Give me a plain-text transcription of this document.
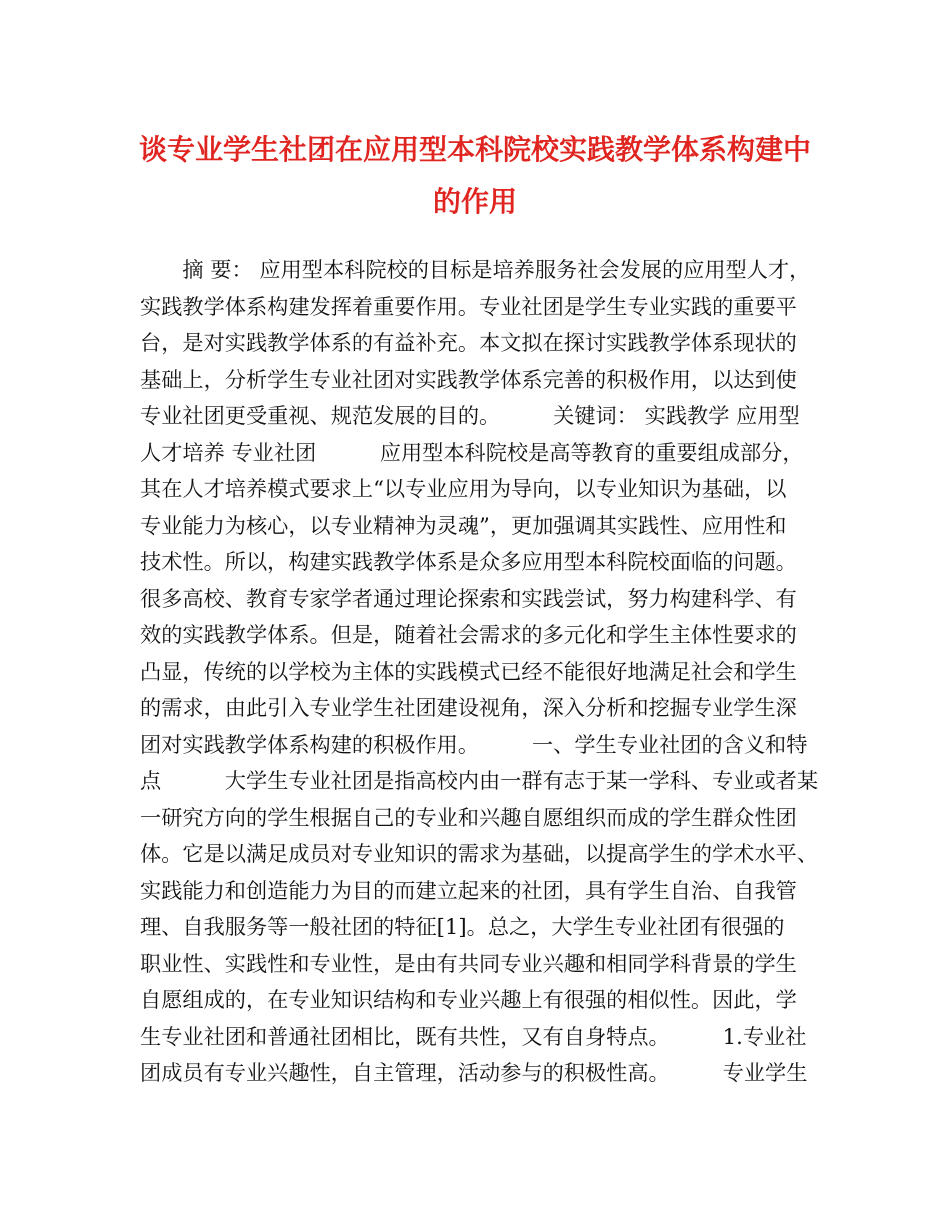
谈专业学生社团在应用型本科院校实践教学体系构建中
的作用
　　摘 要： 应用型本科院校的目标是培养服务社会发展的应用型人才，
实践教学体系构建发挥着重要作用。专业社团是学生专业实践的重要平
台，是对实践教学体系的有益补充。本文拟在探讨实践教学体系现状的
基础上，分析学生专业社团对实践教学体系完善的积极作用，以达到使
专业社团更受重视、规范发展的目的。　　　关键词： 实践教学 应用型
人才培养 专业社团　　　应用型本科院校是高等教育的重要组成部分，
其在人才培养模式要求上“以专业应用为导向，以专业知识为基础，以
专业能力为核心，以专业精神为灵魂”，更加强调其实践性、应用性和
技术性。所以，构建实践教学体系是众多应用型本科院校面临的问题。
很多高校、教育专家学者通过理论探索和实践尝试，努力构建科学、有
效的实践教学体系。但是，随着社会需求的多元化和学生主体性要求的
凸显，传统的以学校为主体的实践模式已经不能很好地满足社会和学生
的需求，由此引入专业学生社团建设视角，深入分析和挖掘专业学生深
团对实践教学体系构建的积极作用。　　　一、学生专业社团的含义和特
点　　　大学生专业社团是指高校内由一群有志于某一学科、专业或者某
一研究方向的学生根据自己的专业和兴趣自愿组织而成的学生群众性团
体。它是以满足成员对专业知识的需求为基础，以提高学生的学术水平、
实践能力和创造能力为目的而建立起来的社团，具有学生自治、自我管
理、自我服务等一般社团的特征[1]。总之，大学生专业社团有很强的
职业性、实践性和专业性，是由有共同专业兴趣和相同学科背景的学生
自愿组成的，在专业知识结构和专业兴趣上有很强的相似性。因此，学
生专业社团和普通社团相比，既有共性，又有自身特点。　　　1.专业社
团成员有专业兴趣性，自主管理，活动参与的积极性高。　　　专业学生
